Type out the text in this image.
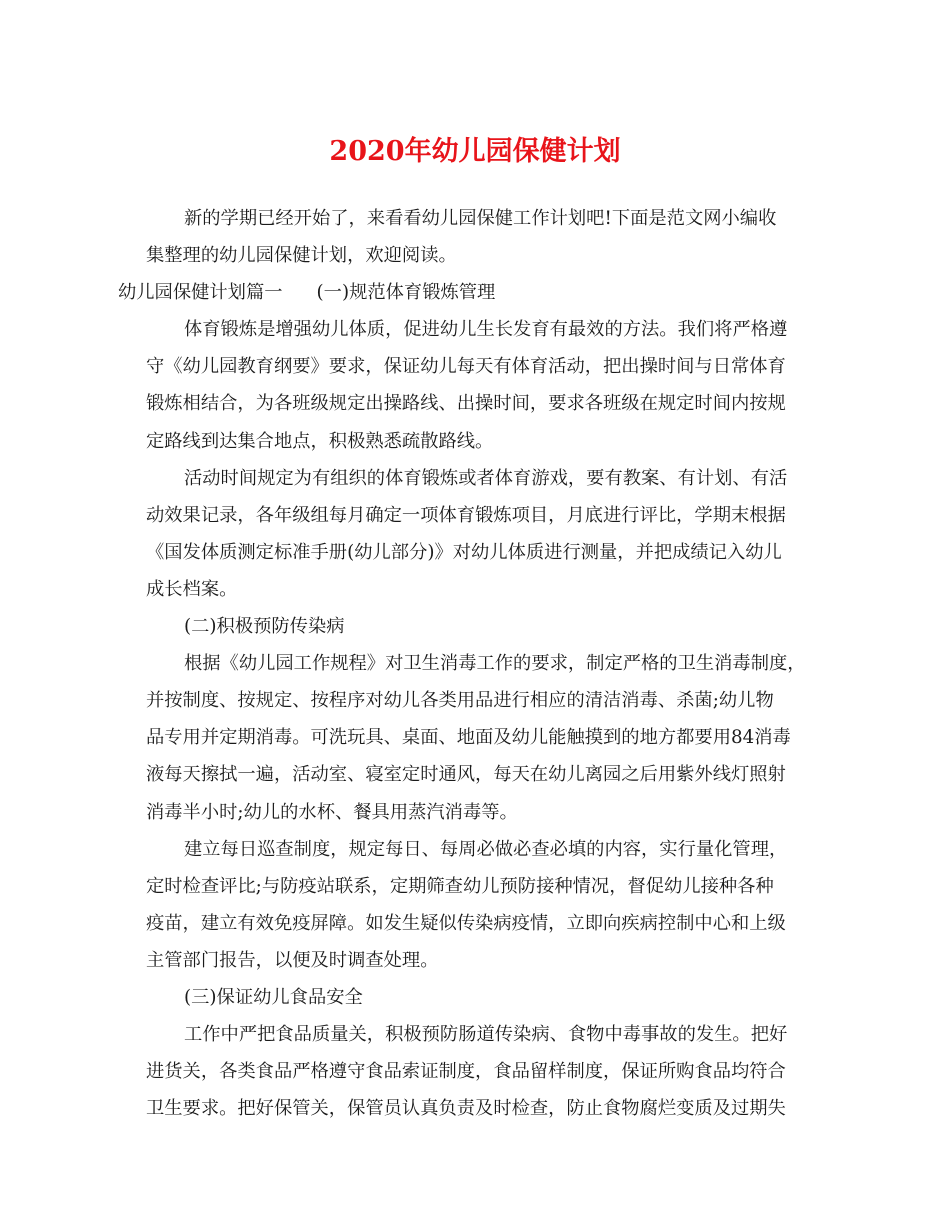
2020年幼儿园保健计划
新的学期已经开始了，来看看幼儿园保健工作计划吧!下面是范文网小编收
集整理的幼儿园保健计划，欢迎阅读。
幼儿园保健计划篇一 (一)规范体育锻炼管理
体育锻炼是增强幼儿体质，促进幼儿生长发育有最效的方法。我们将严格遵
守《幼儿园教育纲要》要求，保证幼儿每天有体育活动，把出操时间与日常体育
锻炼相结合，为各班级规定出操路线、出操时间，要求各班级在规定时间内按规
定路线到达集合地点，积极熟悉疏散路线。
活动时间规定为有组织的体育锻炼或者体育游戏，要有教案、有计划、有活
动效果记录，各年级组每月确定一项体育锻炼项目，月底进行评比，学期末根据
《国发体质测定标准手册(幼儿部分)》对幼儿体质进行测量，并把成绩记入幼儿
成长档案。
(二)积极预防传染病
根据《幼儿园工作规程》对卫生消毒工作的要求，制定严格的卫生消毒制度，
并按制度、按规定、按程序对幼儿各类用品进行相应的清洁消毒、杀菌;幼儿物
品专用并定期消毒。可洗玩具、桌面、地面及幼儿能触摸到的地方都要用84消毒
液每天擦拭一遍，活动室、寝室定时通风，每天在幼儿离园之后用紫外线灯照射
消毒半小时;幼儿的水杯、餐具用蒸汽消毒等。
建立每日巡查制度，规定每日、每周必做必查必填的内容，实行量化管理，
定时检查评比;与防疫站联系，定期筛查幼儿预防接种情况，督促幼儿接种各种
疫苗，建立有效免疫屏障。如发生疑似传染病疫情，立即向疾病控制中心和上级
主管部门报告，以便及时调查处理。
(三)保证幼儿食品安全
工作中严把食品质量关，积极预防肠道传染病、食物中毒事故的发生。把好
进货关，各类食品严格遵守食品索证制度，食品留样制度，保证所购食品均符合
卫生要求。把好保管关，保管员认真负责及时检查，防止食物腐烂变质及过期失
